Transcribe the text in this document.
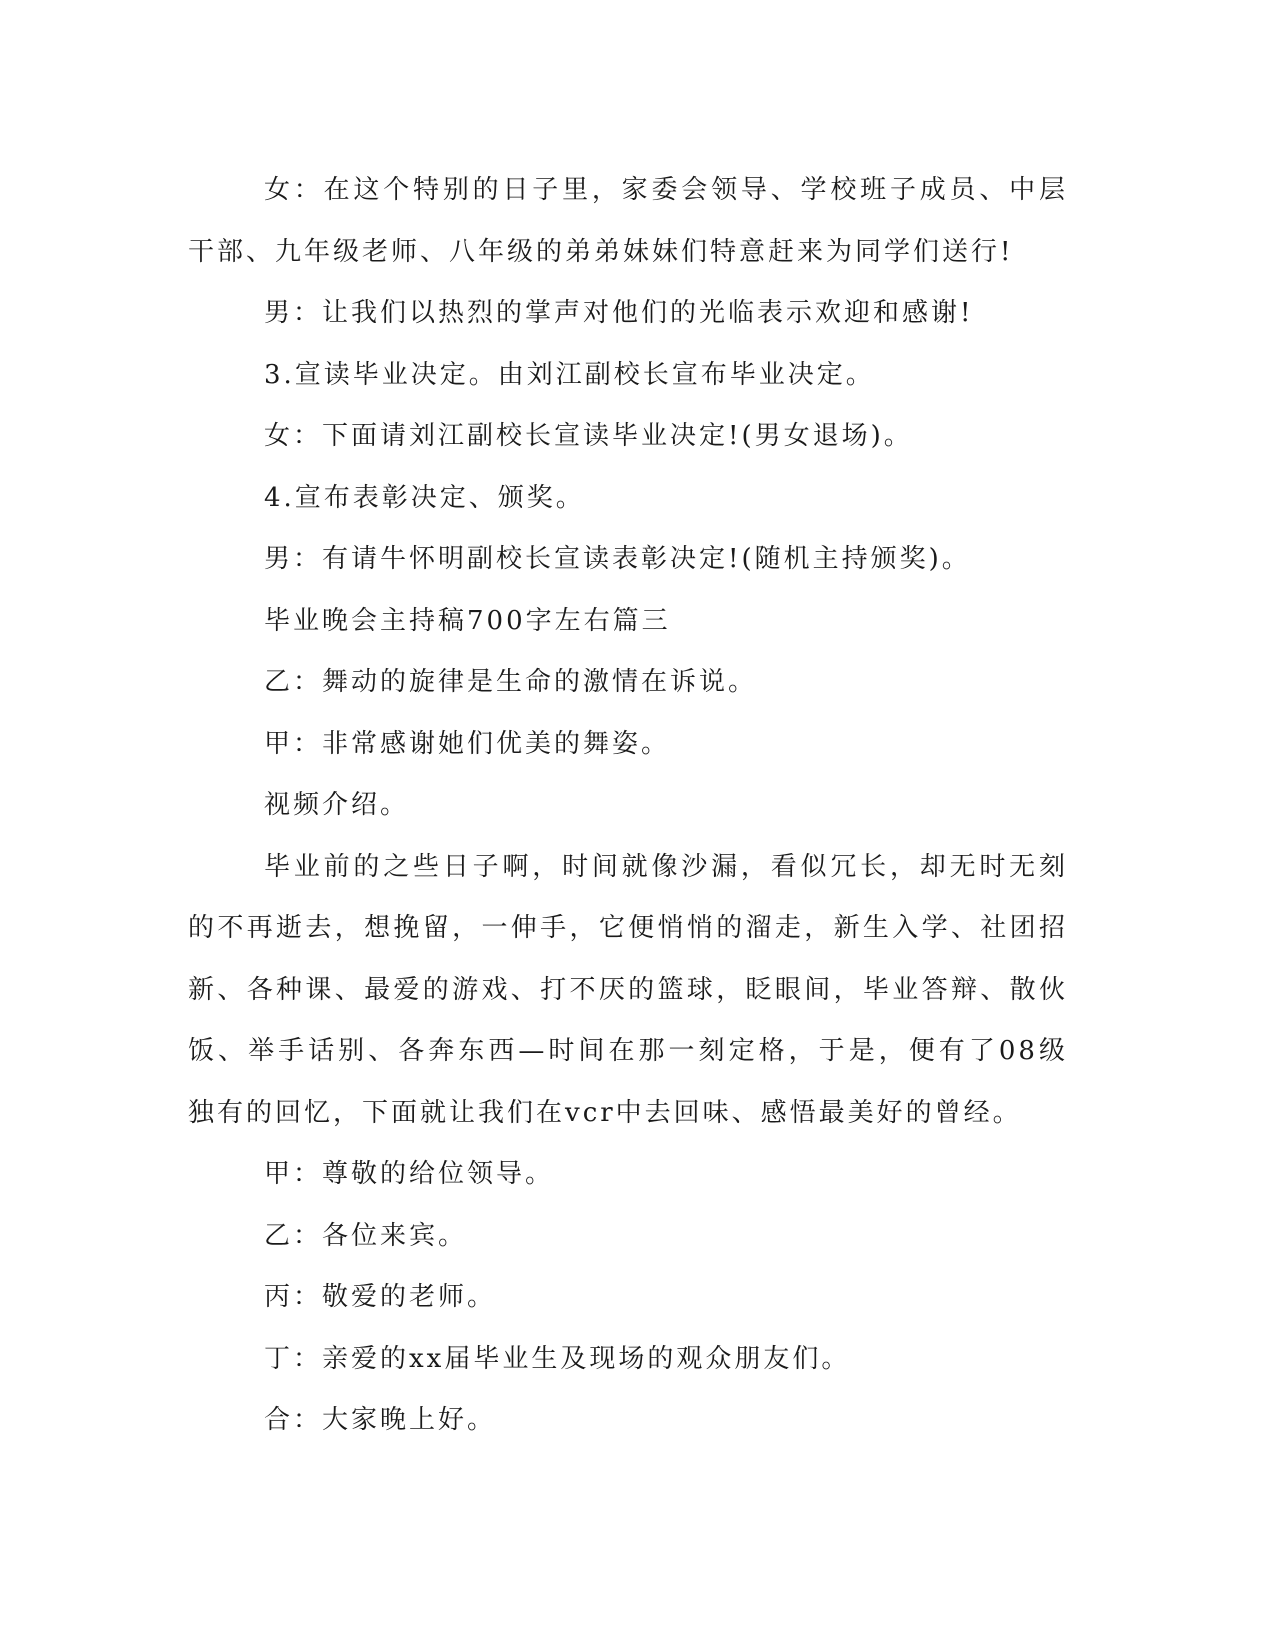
女：在这个特别的日子里，家委会领导、学校班子成员、中层干部、九年级老师、八年级的弟弟妹妹们特意赶来为同学们送行!

男：让我们以热烈的掌声对他们的光临表示欢迎和感谢!

3.宣读毕业决定。由刘江副校长宣布毕业决定。

女：下面请刘江副校长宣读毕业决定!(男女退场)。

4.宣布表彰决定、颁奖。

男：有请牛怀明副校长宣读表彰决定!(随机主持颁奖)。

毕业晚会主持稿700字左右篇三

乙：舞动的旋律是生命的激情在诉说。

甲：非常感谢她们优美的舞姿。

视频介绍。

毕业前的之些日子啊，时间就像沙漏，看似冗长，却无时无刻的不再逝去，想挽留，一伸手，它便悄悄的溜走，新生入学、社团招新、各种课、最爱的游戏、打不厌的篮球，眨眼间，毕业答辩、散伙饭、举手话别、各奔东西—时间在那一刻定格，于是，便有了08级独有的回忆，下面就让我们在vcr中去回味、感悟最美好的曾经。

甲：尊敬的给位领导。

乙：各位来宾。

丙：敬爱的老师。

丁：亲爱的xx届毕业生及现场的观众朋友们。

合：大家晚上好。
